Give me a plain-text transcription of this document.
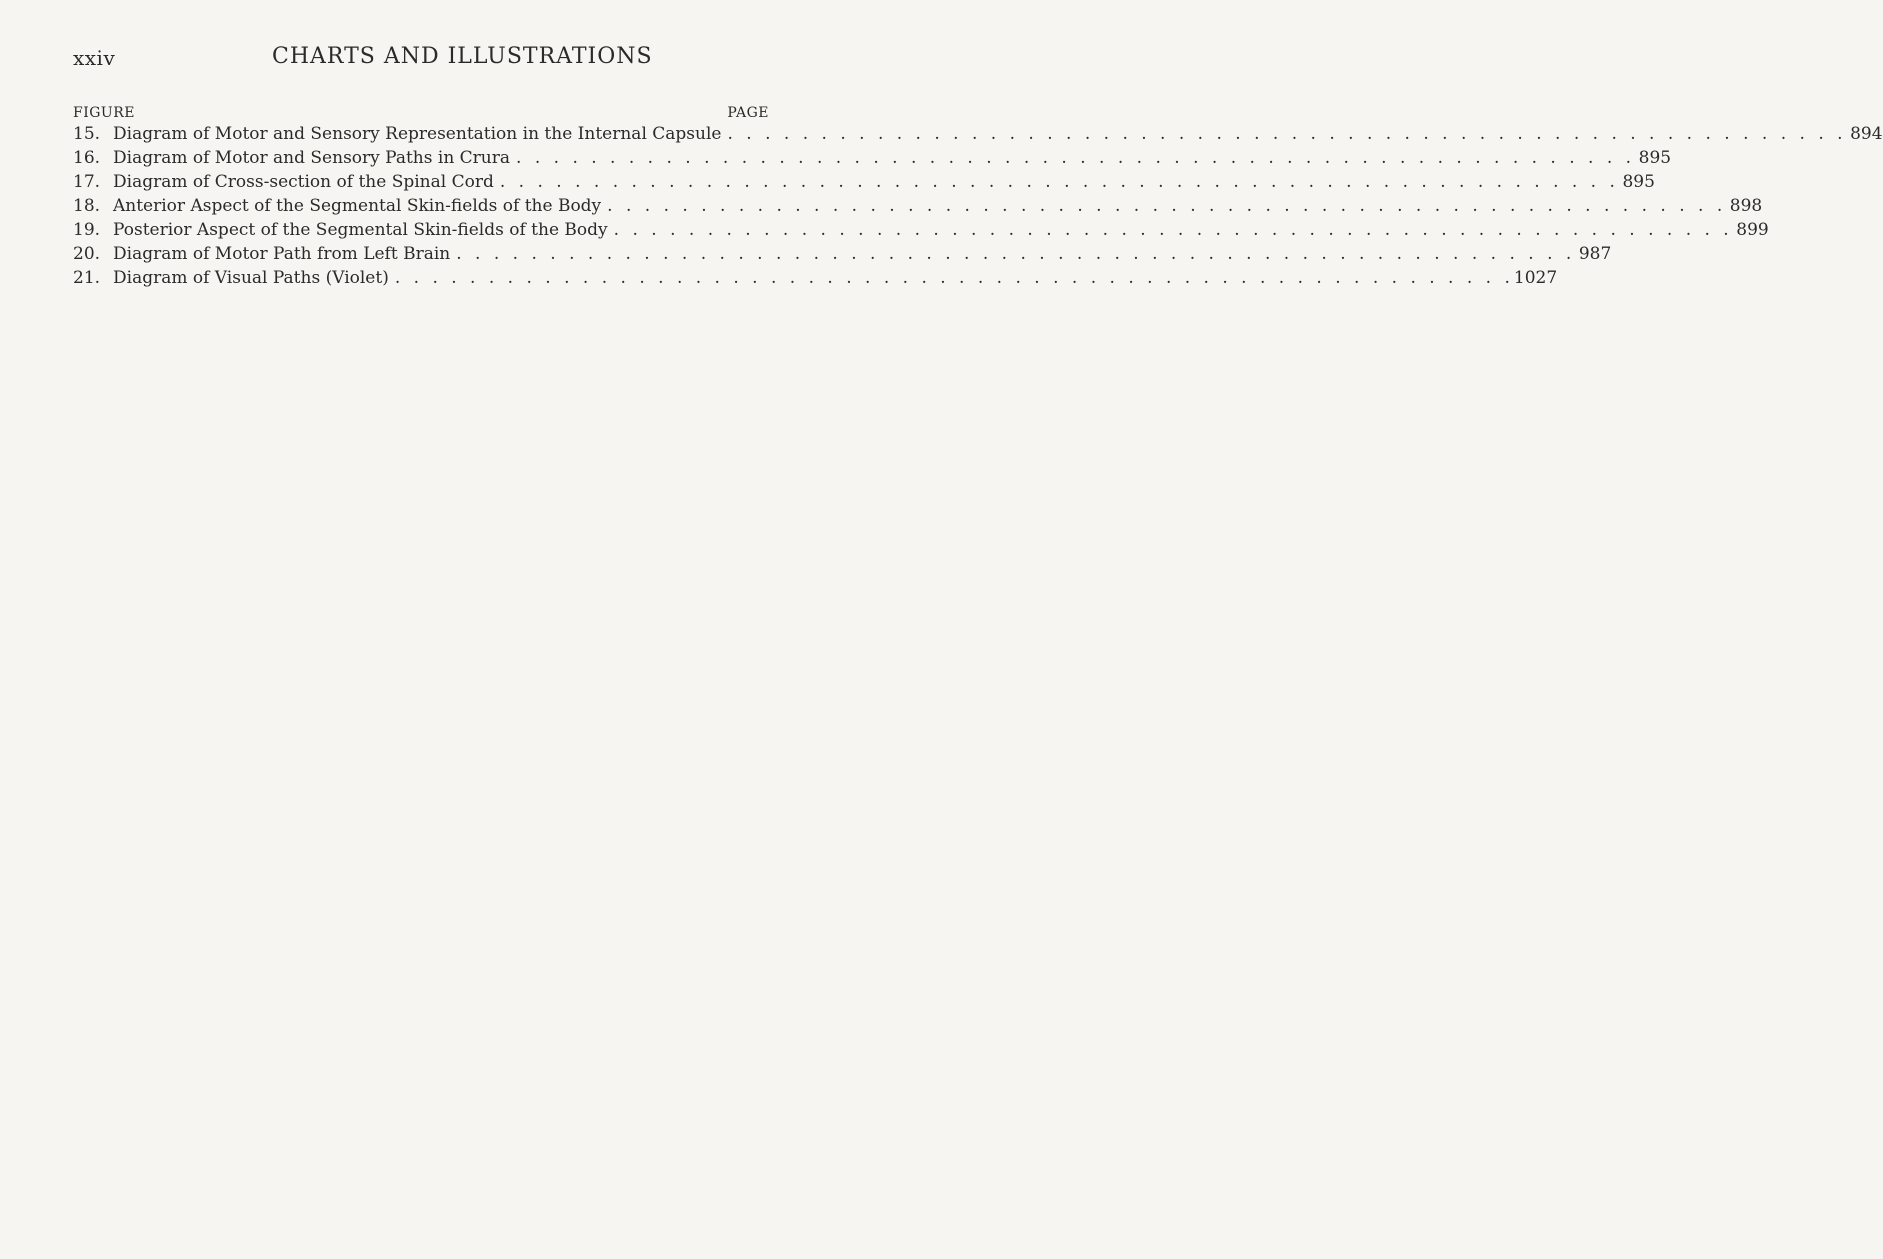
xxiv	CHARTS AND ILLUSTRATIONS
FIGURE	PAGE
15. Diagram of Motor and Sensory Representation in the Internal Capsule . . .	894
16. Diagram of Motor and Sensory Paths in Crura . . .	895
17. Diagram of Cross-section of the Spinal Cord . . .	895
18. Anterior Aspect of the Segmental Skin-fields of the Body . . .	898
19. Posterior Aspect of the Segmental Skin-fields of the Body . . .	899
20. Diagram of Motor Path from Left Brain . . .	987
21. Diagram of Visual Paths (Violet) . . .	1027
